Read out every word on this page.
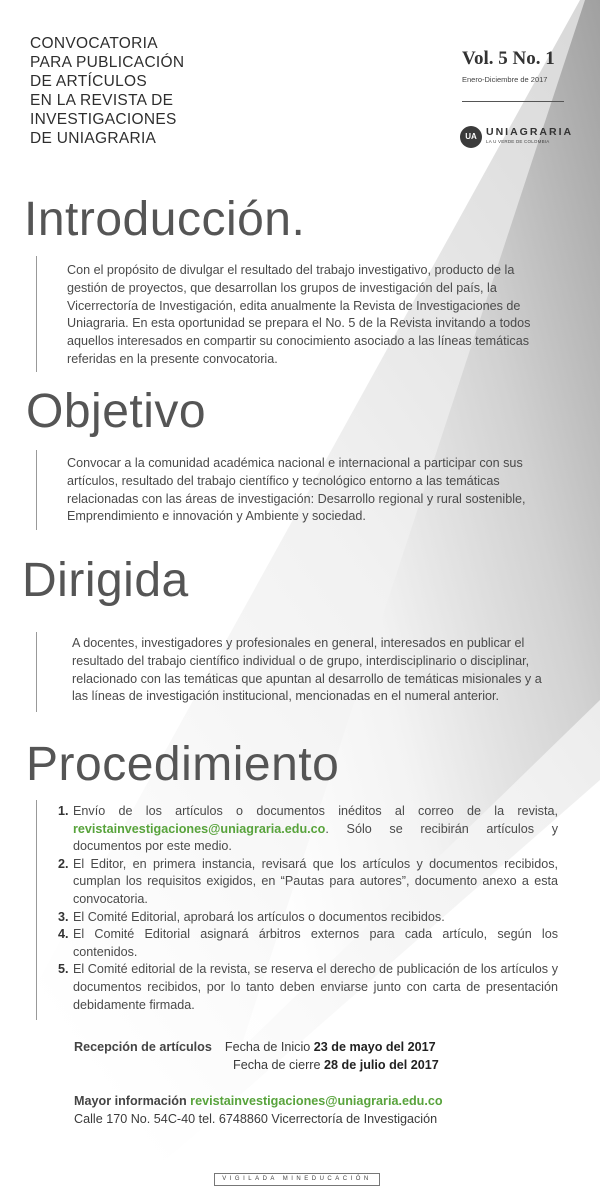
CONVOCATORIA
PARA PUBLICACIÓN
DE ARTÍCULOS
EN LA REVISTA DE
INVESTIGACIONES
DE UNIAGRARIA
Vol. 5 No. 1
Enero-Diciembre de 2017
UA UNIAGRARIA
LA U VERDE DE COLOMBIA
Introducción.
Con el propósito de divulgar el resultado del trabajo investigativo, producto de la gestión de proyectos, que desarrollan los grupos de investigación del país, la Vicerrectoría de Investigación, edita anualmente la Revista de Investigaciones de Uniagraria. En esta oportunidad se prepara el No. 5 de la Revista invitando a todos aquellos interesados en compartir su conocimiento asociado a las líneas temáticas referidas en la presente convocatoria.
Objetivo
Convocar a la comunidad académica nacional e internacional a participar con sus artículos, resultado del trabajo científico y tecnológico entorno a las temáticas relacionadas con las áreas de investigación: Desarrollo regional y rural sostenible, Emprendimiento e innovación y Ambiente y sociedad.
Dirigida
A docentes, investigadores y profesionales en general, interesados en publicar el resultado del trabajo científico individual o de grupo, interdisciplinario o disciplinar, relacionado con las temáticas que apuntan al desarrollo de temáticas misionales y a las líneas de investigación institucional, mencionadas en el numeral anterior.
Procedimiento
1. Envío de los artículos o documentos inéditos al correo de la revista, revistainvestigaciones@uniagraria.edu.co. Sólo se recibirán artículos y documentos por este medio.
2. El Editor, en primera instancia, revisará que los artículos y documentos recibidos, cumplan los requisitos exigidos, en “Pautas para autores”, documento anexo a esta convocatoria.
3. El Comité Editorial, aprobará los artículos o documentos recibidos.
4. El Comité Editorial asignará árbitros externos para cada artículo, según los contenidos.
5. El Comité editorial de la revista, se reserva el derecho de publicación de los artículos y documentos recibidos, por lo tanto deben enviarse junto con carta de presentación debidamente firmada.
Recepción de artículos Fecha de Inicio 23 de mayo del 2017
Fecha de cierre 28 de julio del 2017
Mayor información revistainvestigaciones@uniagraria.edu.co
Calle 170 No. 54C-40 tel. 6748860 Vicerrectoría de Investigación
VIGILADA MINEDUCACIÓN
